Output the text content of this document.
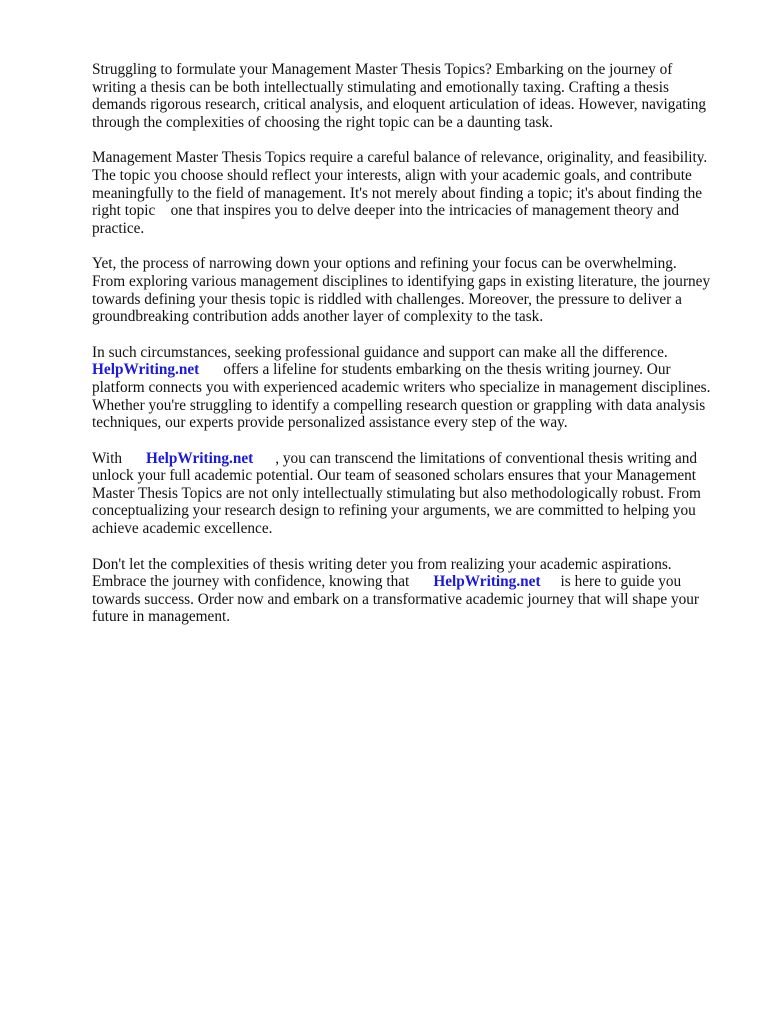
Struggling to formulate your Management Master Thesis Topics? Embarking on the journey of
writing a thesis can be both intellectually stimulating and emotionally taxing. Crafting a thesis
demands rigorous research, critical analysis, and eloquent articulation of ideas. However, navigating
through the complexities of choosing the right topic can be a daunting task.

Management Master Thesis Topics require a careful balance of relevance, originality, and feasibility.
The topic you choose should reflect your interests, align with your academic goals, and contribute
meaningfully to the field of management. It's not merely about finding a topic; it's about finding the
right topic    one that inspires you to delve deeper into the intricacies of management theory and
practice.

Yet, the process of narrowing down your options and refining your focus can be overwhelming.
From exploring various management disciplines to identifying gaps in existing literature, the journey
towards defining your thesis topic is riddled with challenges. Moreover, the pressure to deliver a
groundbreaking contribution adds another layer of complexity to the task.

In such circumstances, seeking professional guidance and support can make all the difference.
HelpWriting.net offers a lifeline for students embarking on the thesis writing journey. Our
platform connects you with experienced academic writers who specialize in management disciplines.
Whether you're struggling to identify a compelling research question or grappling with data analysis
techniques, our experts provide personalized assistance every step of the way.

With HelpWriting.net , you can transcend the limitations of conventional thesis writing and
unlock your full academic potential. Our team of seasoned scholars ensures that your Management
Master Thesis Topics are not only intellectually stimulating but also methodologically robust. From
conceptualizing your research design to refining your arguments, we are committed to helping you
achieve academic excellence.

Don't let the complexities of thesis writing deter you from realizing your academic aspirations.
Embrace the journey with confidence, knowing that HelpWriting.net is here to guide you
towards success. Order now and embark on a transformative academic journey that will shape your
future in management.
